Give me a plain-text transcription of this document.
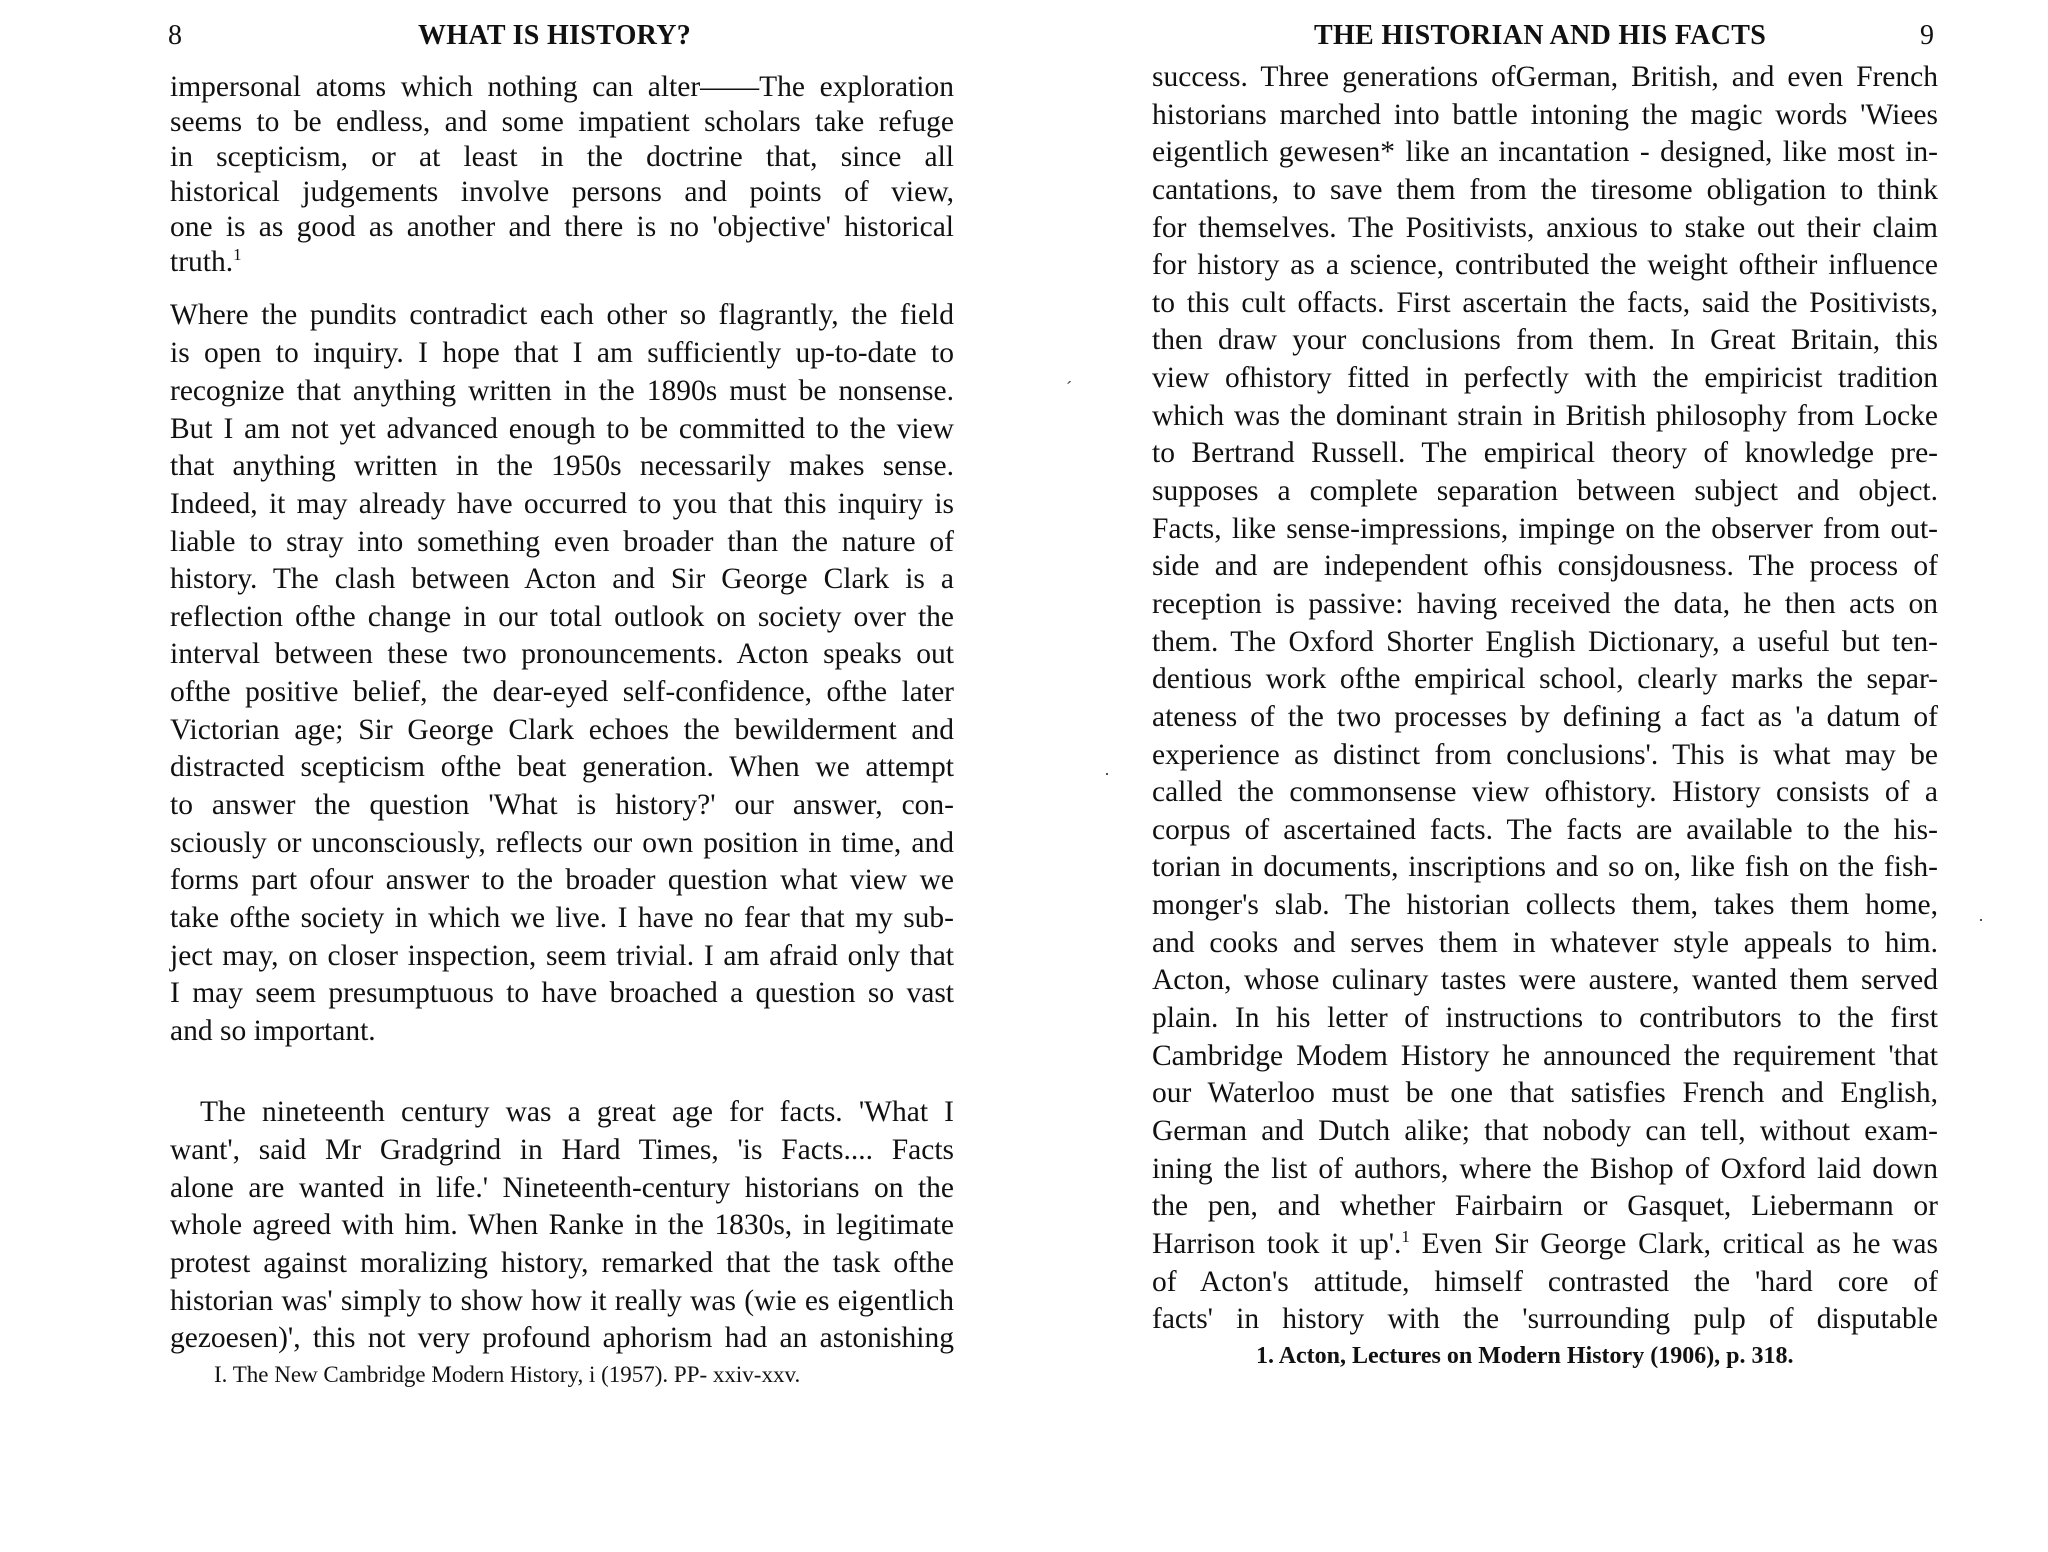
8	WHAT IS HISTORY?
impersonal atoms which nothing can alter——The exploration
seems to be endless, and some impatient scholars take refuge
in scepticism, or at least in the doctrine that, since all
historical judgements involve persons and points of view,
one is as good as another and there is no 'objective' historical
truth.$^1$
Where the pundits contradict each other so flagrantly, the field
is open to inquiry. I hope that I am sufficiently up-to-date to
recognize that anything written in the 1890s must be nonsense.
But I am not yet advanced enough to be committed to the view
that anything written in the 1950s necessarily makes sense.
Indeed, it may already have occurred to you that this inquiry is
liable to stray into something even broader than the nature of
history. The clash between Acton and Sir George Clark is a
reflection ofthe change in our total outlook on society over the
interval between these two pronouncements. Acton speaks out
ofthe positive belief, the dear-eyed self-confidence, ofthe later
Victorian age; Sir George Clark echoes the bewilderment and
distracted scepticism ofthe beat generation. When we attempt
to answer the question 'What is history?' our answer, con-
sciously or unconsciously, reflects our own position in time, and
forms part ofour answer to the broader question what view we
take ofthe society in which we live. I have no fear that my sub-
ject may, on closer inspection, seem trivial. I am afraid only that
I may seem presumptuous to have broached a question so vast
and so important.
The nineteenth century was a great age for facts. 'What I
want', said Mr Gradgrind in Hard Times, 'is Facts.... Facts
alone are wanted in life.' Nineteenth-century historians on the
whole agreed with him. When Ranke in the 1830s, in legitimate
protest against moralizing history, remarked that the task ofthe
historian was' simply to show how it really was (wie es eigentlich
gezoesen)', this not very profound aphorism had an astonishing
I. The New Cambridge Modern History, i (1957). PP- xxiv-xxv.
THE HISTORIAN AND HIS FACTS	9
success. Three generations ofGerman, British, and even French
historians marched into battle intoning the magic words 'Wiees
eigentlich gewesen* like an incantation - designed, like most in-
cantations, to save them from the tiresome obligation to think
for themselves. The Positivists, anxious to stake out their claim
for history as a science, contributed the weight oftheir influence
to this cult offacts. First ascertain the facts, said the Positivists,
then draw your conclusions from them. In Great Britain, this
view ofhistory fitted in perfectly with the empiricist tradition
which was the dominant strain in British philosophy from Locke
to Bertrand Russell. The empirical theory of knowledge pre-
supposes a complete separation between subject and object.
Facts, like sense-impressions, impinge on the observer from out-
side and are independent ofhis consjdousness. The process of
reception is passive: having received the data, he then acts on
them. The Oxford Shorter English Dictionary, a useful but ten-
dentious work ofthe empirical school, clearly marks the separ-
ateness of the two processes by defining a fact as 'a datum of
experience as distinct from conclusions'. This is what may be
called the commonsense view ofhistory. History consists of a
corpus of ascertained facts. The facts are available to the his-
torian in documents, inscriptions and so on, like fish on the fish-
monger's slab. The historian collects them, takes them home,
and cooks and serves them in whatever style appeals to him.
Acton, whose culinary tastes were austere, wanted them served
plain. In his letter of instructions to contributors to the first
Cambridge Modem History he announced the requirement 'that
our Waterloo must be one that satisfies French and English,
German and Dutch alike; that nobody can tell, without exam-
ining the list of authors, where the Bishop of Oxford laid down
the pen, and whether Fairbairn or Gasquet, Liebermann or
Harrison took it up'.$^1$ Even Sir George Clark, critical as he was
of Acton's attitude, himself contrasted the 'hard core of
facts' in history with the 'surrounding pulp of disputable
1. Acton, Lectures on Modern History (1906), p. 318.
ˊ
·
·
